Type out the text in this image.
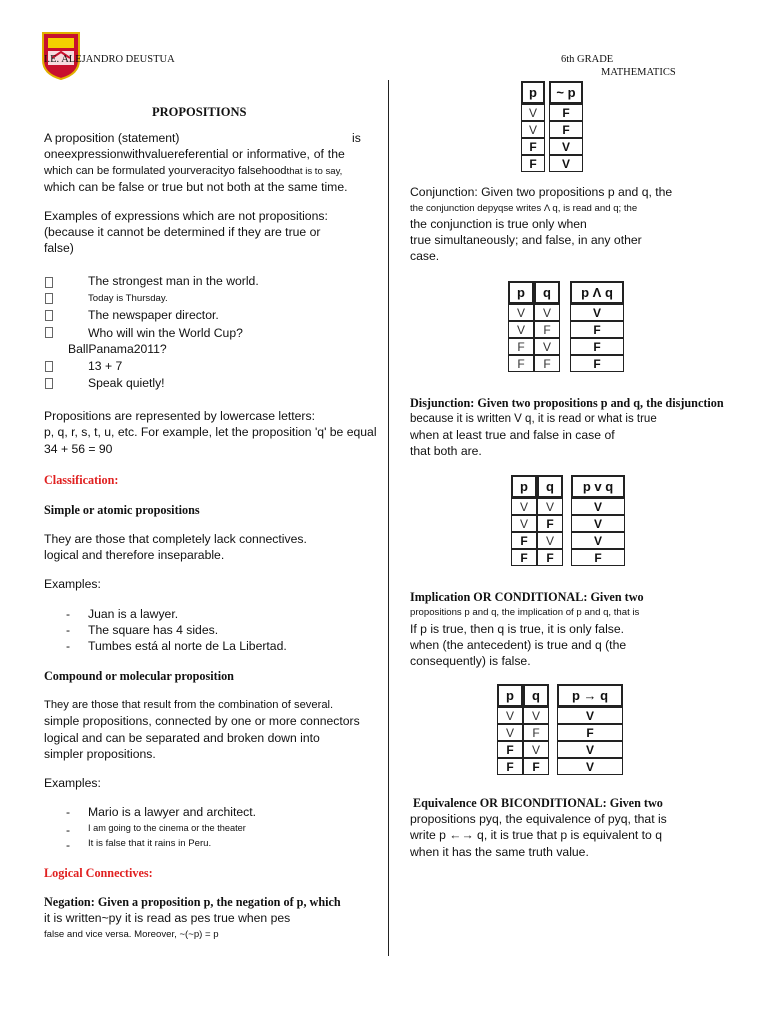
I.E. ALEJANDRO DEUSTUA	6th GRADE
MATHEMATICS
PROPOSITIONS
A proposition (statement)	is
oneexpressionwithvaluereferential or informative, of the
which can be formulated yourveracityo falsehoodthat is to say,
which can be false or true but not both at the same time.
Examples of expressions which are not propositions:
(because it cannot be determined if they are true or
false)
The strongest man in the world.
Today is Thursday.
The newspaper director.
Who will win the World Cup?
BallPanama2011?
13 + 7
Speak quietly!
Propositions are represented by lowercase letters:
p, q, r, s, t, u, etc. For example, let the proposition 'q' be equal
34 + 56 = 90
Classification:
Simple or atomic propositions
They are those that completely lack connectives.
logical and therefore inseparable.
Examples:
- Juan is a lawyer.
- The square has 4 sides.
- Tumbes está al norte de La Libertad.
Compound or molecular proposition
They are those that result from the combination of several.
simple propositions, connected by one or more connectors
logical and can be separated and broken down into
simpler propositions.
Examples:
- Mario is a lawyer and architect.
- I am going to the cinema or the theater
- It is false that it rains in Peru.
Logical Connectives:
Negation: Given a proposition p, the negation of p, which
it is written~py it is read as pes true when pes
false and vice versa. Moreover, ~(~p) = p
p		~ p
V		F
V		F
F		V
F		V
Conjunction: Given two propositions p and q, the
the conjunction depyqse writes Λ q, is read and q; the
the conjunction is true only when
true simultaneously; and false, in any other
case.
p	q		p Λ q
V	V		V
V	F		F
F	V		F
F	F		F
Disjunction: Given two propositions p and q, the disjunction
because it is written V q, it is read or what is true
when at least true and false in case of
that both are.
p	q		p v q
V	V		V
V	F		V
F	V		V
F	F		F
Implication OR CONDITIONAL: Given two
propositions p and q, the implication of p and q, that is
If p is true, then q is true, it is only false.
when (the antecedent) is true and q (the
consequently) is false.
p	q		p → q
V	V		V
V	F		F
F	V		V
F	F		V
Equivalence OR BICONDITIONAL: Given two
propositions pyq, the equivalence of pyq, that is
write p ←→ q, it is true that p is equivalent to q
when it has the same truth value.
